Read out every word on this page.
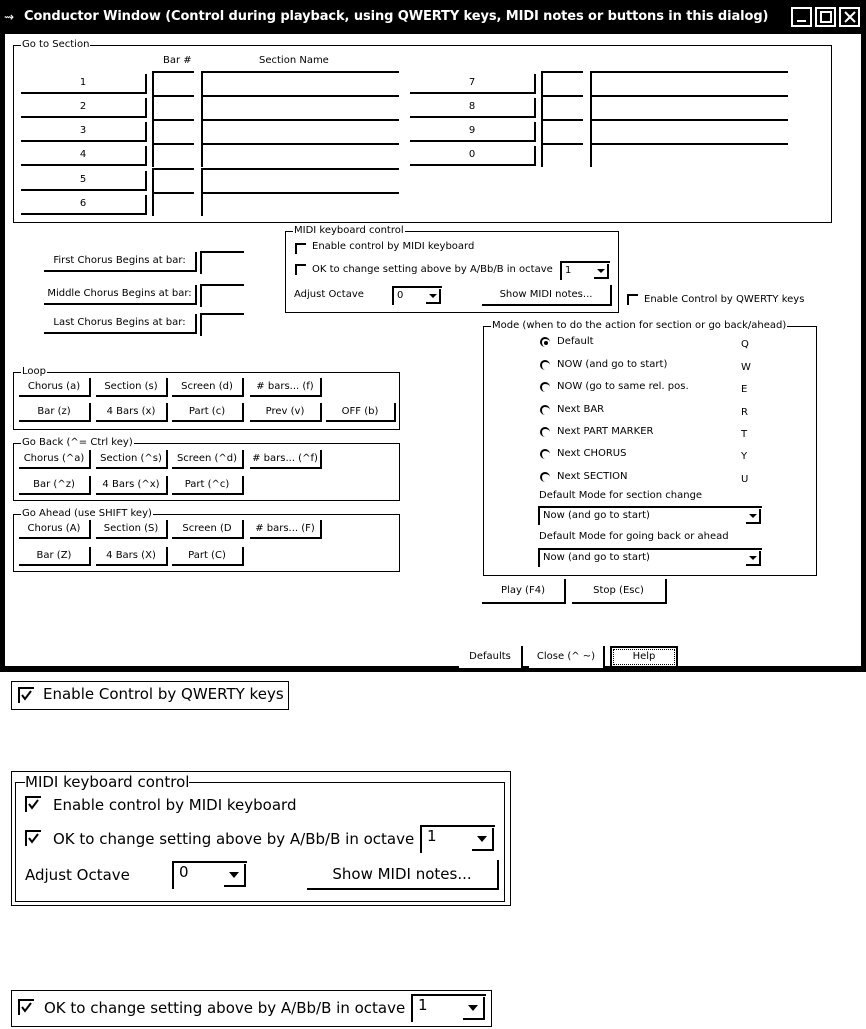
⇝ Conductor Window (Control during playback, using QWERTY keys, MIDI notes or buttons in this dialog)
Go to Section
Bar #	Section Name
1
2
3
4
5
6
7
8
9
0
First Chorus Begins at bar:
Middle Chorus Begins at bar:
Last Chorus Begins at bar:
MIDI keyboard control
Enable control by MIDI keyboard
OK to change setting above by A/Bb/B in octave	1
Adjust Octave	0	Show MIDI notes...	Enable Control by QWERTY keys
Loop
Chorus (a)	Section (s)	Screen (d)	# bars... (f)
Bar (z)	4 Bars (x)	Part (c)	Prev (v)	OFF (b)
Go Back (^= Ctrl key)
Chorus (^a)	Section (^s)	Screen (^d)	# bars... (^f)
Bar (^z)	4 Bars (^x)	Part (^c)
Go Ahead (use SHIFT key)
Chorus (A)	Section (S)	Screen (D	# bars... (F)
Bar (Z)	4 Bars (X)	Part (C)
Mode (when to do the action for section or go back/ahead)
Default	Q
NOW (and go to start)	W
NOW (go to same rel. pos.	E
Next BAR	R
Next PART MARKER	T
Next CHORUS	Y
Next SECTION	U
Default Mode for section change
Now (and go to start)
Default Mode for going back or ahead
Now (and go to start)
Play (F4)	Stop (Esc)
Defaults	Close (^ ~)	Help
Enable Control by QWERTY keys
MIDI keyboard control
Enable control by MIDI keyboard
OK to change setting above by A/Bb/B in octave 1
Adjust Octave	0	Show MIDI notes...
OK to change setting above by A/Bb/B in octave 1
